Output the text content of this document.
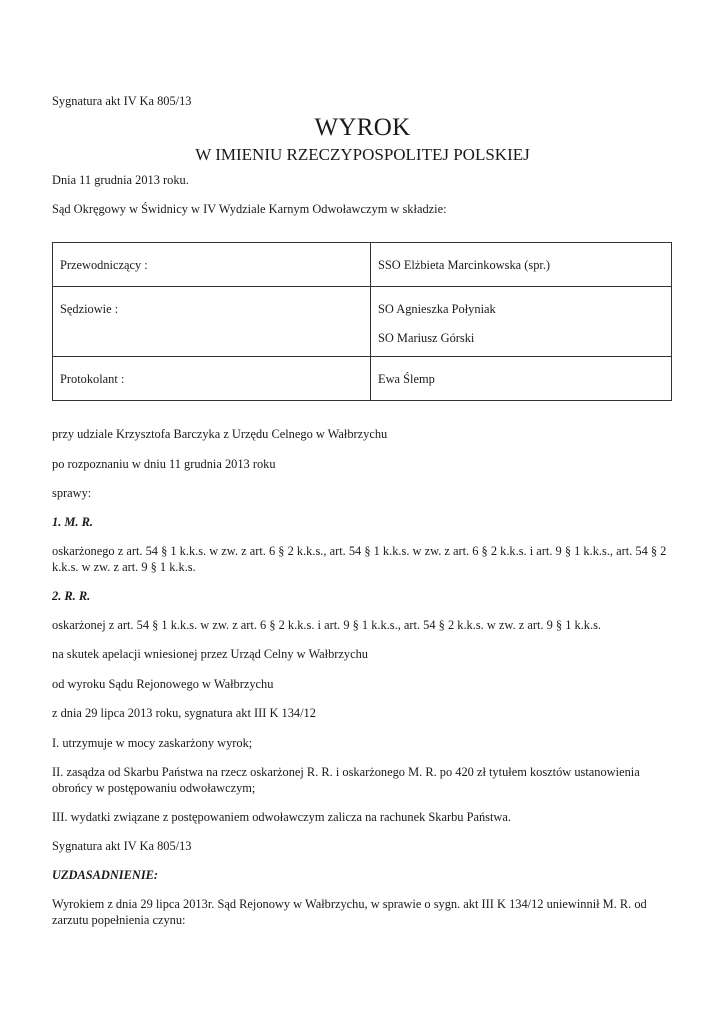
Sygnatura akt IV Ka 805/13
WYROK
W IMIENIU RZECZYPOSPOLITEJ POLSKIEJ
Dnia 11 grudnia 2013 roku.
Sąd Okręgowy w Świdnicy w IV Wydziale Karnym Odwoławczym w składzie:
Przewodniczący :	SSO Elżbieta Marcinkowska (spr.)

Sędziowie :	SO Agnieszka Połyniak
SO Mariusz Górski

Protokolant :	Ewa Ślemp
przy udziale Krzysztofa Barczyka z Urzędu Celnego w Wałbrzychu
po rozpoznaniu w dniu 11 grudnia 2013 roku
sprawy:
1. M. R.
oskarżonego z art. 54 § 1 k.k.s. w zw. z art. 6 § 2 k.k.s., art. 54 § 1 k.k.s. w zw. z art. 6 § 2 k.k.s. i art. 9 § 1 k.k.s., art. 54 § 2 k.k.s. w zw. z art. 9 § 1 k.k.s.
2. R. R.
oskarżonej z art. 54 § 1 k.k.s. w zw. z art. 6 § 2 k.k.s. i art. 9 § 1 k.k.s., art. 54 § 2 k.k.s. w zw. z art. 9 § 1 k.k.s.
na skutek apelacji wniesionej przez Urząd Celny w Wałbrzychu
od wyroku Sądu Rejonowego w Wałbrzychu
z dnia 29 lipca 2013 roku, sygnatura akt III K 134/12
I. utrzymuje w mocy zaskarżony wyrok;
II. zasądza od Skarbu Państwa na rzecz oskarżonej R. R. i oskarżonego M. R. po 420 zł tytułem kosztów ustanowienia obrońcy w postępowaniu odwoławczym;
III. wydatki związane z postępowaniem odwoławczym zalicza na rachunek Skarbu Państwa.
Sygnatura akt IV Ka 805/13
UZDASADNIENIE:
Wyrokiem z dnia 29 lipca 2013r. Sąd Rejonowy w Wałbrzychu, w sprawie o sygn. akt III K 134/12 uniewinnił M. R. od zarzutu popełnienia czynu:
